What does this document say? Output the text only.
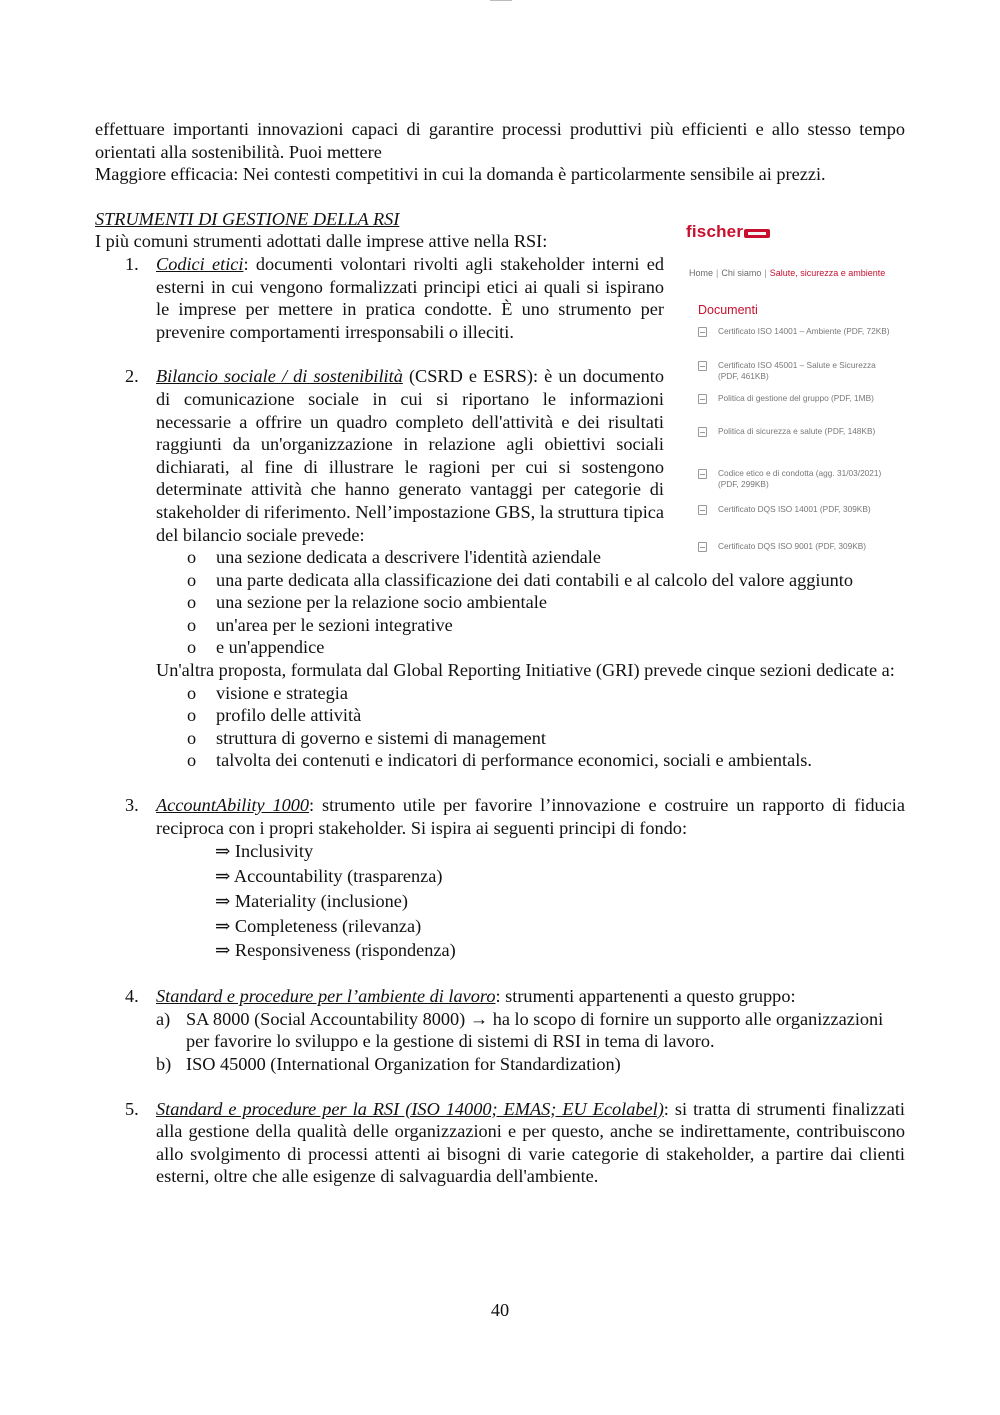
effettuare importanti innovazioni capaci di garantire processi produttivi più efficienti e allo stesso tempo orientati alla sostenibilità. Puoi mettere

Maggiore efficacia: Nei contesti competitivi in cui la domanda è particolarmente sensibile ai prezzi.

STRUMENTI DI GESTIONE DELLA RSI

I più comuni strumenti adottati dalle imprese attive nella RSI:

1. Codici etici: documenti volontari rivolti agli stakeholder interni ed esterni in cui vengono formalizzati principi etici ai quali si ispirano le imprese per mettere in pratica condotte. È uno strumento per prevenire comportamenti irresponsabili o illeciti.
2. Bilancio sociale / di sostenibilità (CSRD e ESRS): è un documento di comunicazione sociale in cui si riportano le informazioni necessarie a offrire un quadro completo dell'attività e dei risultati raggiunti da un'organizzazione in relazione agli obiettivi sociali dichiarati, al fine di illustrare le ragioni per cui si sostengono determinate attività che hanno generato vantaggi per categorie di stakeholder di riferimento. Nell’impostazione GBS, la struttura tipica del bilancio sociale prevede:
o una sezione dedicata a descrivere l'identità aziendale
o una parte dedicata alla classificazione dei dati contabili e al calcolo del valore aggiunto
o una sezione per la relazione socio ambientale
o un'area per le sezioni integrative
o e un'appendice

Un'altra proposta, formulata dal Global Reporting Initiative (GRI) prevede cinque sezioni dedicate a:

o visione e strategia
o profilo delle attività
o struttura di governo e sistemi di management
o talvolta dei contenuti e indicatori di performance economici, sociali e ambientals.
3. AccountAbility 1000: strumento utile per favorire l’innovazione e costruire un rapporto di fiducia reciproca con i propri stakeholder. Si ispira ai seguenti principi di fondo:
⇒ Inclusivity
⇒ Accountability (trasparenza)
⇒ Materiality (inclusione)
⇒ Completeness (rilevanza)
⇒ Responsiveness (rispondenza)
4. Standard e procedure per l’ambiente di lavoro: strumenti appartenenti a questo gruppo:
a) SA 8000 (Social Accountability 8000) → ha lo scopo di fornire un supporto alle organizzazioni per favorire lo sviluppo e la gestione di sistemi di RSI in tema di lavoro.
b) ISO 45000 (International Organization for Standardization)
5. Standard e procedure per la RSI (ISO 14000; EMAS; EU Ecolabel): si tratta di strumenti finalizzati alla gestione della qualità delle organizzazioni e per questo, anche se indirettamente, contribuiscono allo svolgimento di processi attenti ai bisogni di varie categorie di stakeholder, a partire dai clienti esterni, oltre che alle esigenze di salvaguardia dell'ambiente.
fischer
Home | Chi siamo | Salute, sicurezza e ambiente
Documenti
Certificato ISO 14001 – Ambiente (PDF, 72KB)
Certificato ISO 45001 – Salute e Sicurezza (PDF, 461KB)
Politica di gestione del gruppo (PDF, 1MB)
Politica di sicurezza e salute (PDF, 148KB)
Codice etico e di condotta (agg. 31/03/2021) (PDF, 299KB)
Certificato DQS ISO 14001 (PDF, 309KB)
Certificato DQS ISO 9001 (PDF, 309KB)
40
